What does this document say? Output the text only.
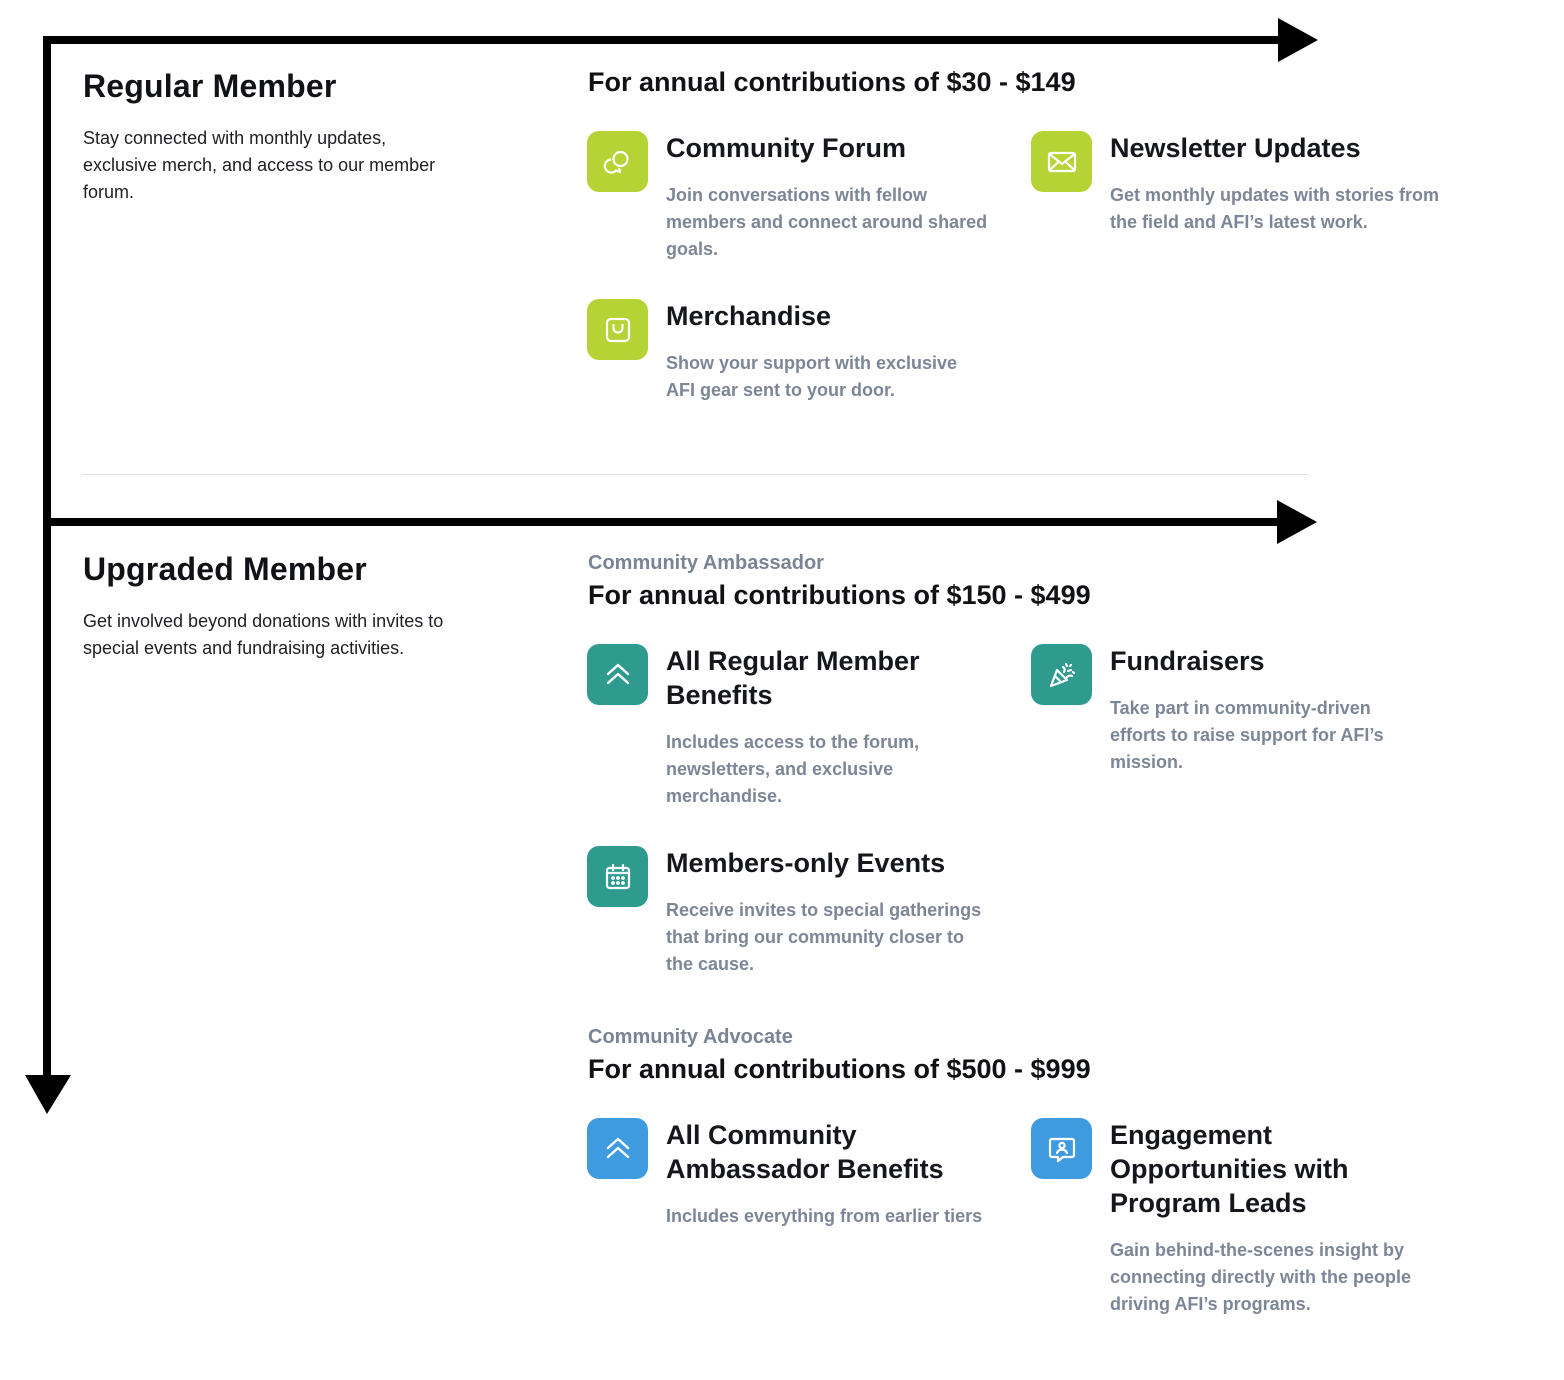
Regular Member

Stay connected with monthly updates, exclusive merch, and access to our member forum.

For annual contributions of $30 - $149

Community Forum

Join conversations with fellow members and connect around shared goals.

Newsletter Updates

Get monthly updates with stories from the field and AFI’s latest work.

Merchandise

Show your support with exclusive AFI gear sent to your door.

Upgraded Member

Get involved beyond donations with invites to special events and fundraising activities.

Community Ambassador

For annual contributions of $150 - $499

All Regular Member Benefits

Includes access to the forum, newsletters, and exclusive merchandise.

Fundraisers

Take part in community-driven efforts to raise support for AFI’s mission.

Members-only Events

Receive invites to special gatherings that bring our community closer to the cause.

Community Advocate

For annual contributions of $500 - $999

All Community Ambassador Benefits

Includes everything from earlier tiers

Engagement Opportunities with Program Leads

Gain behind-the-scenes insight by connecting directly with the people driving AFI’s programs.
